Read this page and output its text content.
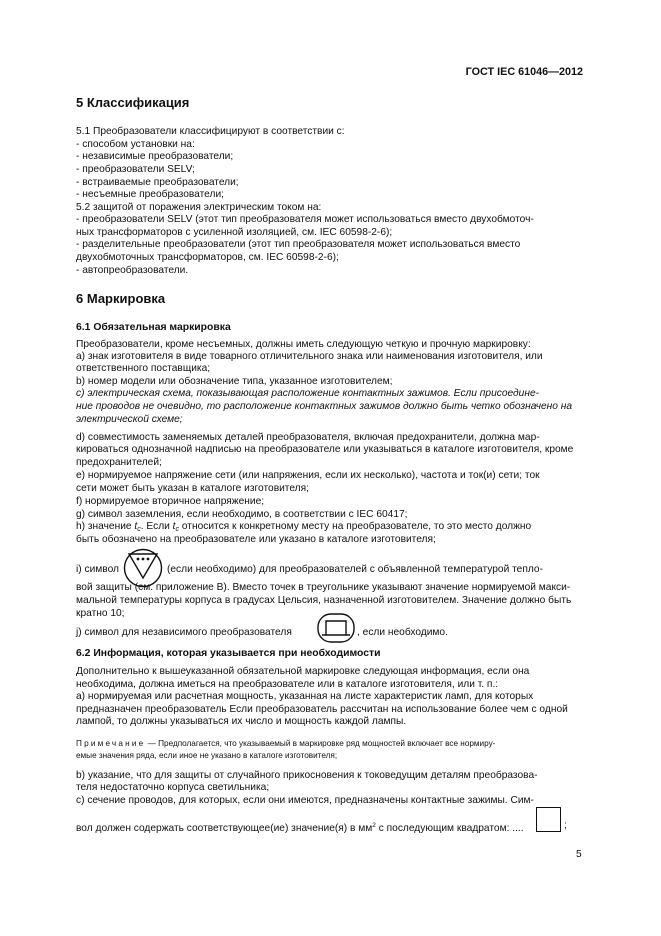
ГОСТ IEC 61046—2012
5 Классификация
5.1 Преобразователи классифицируют в соответствии с:
- способом установки на:
- независимые преобразователи;
- преобразователи SELV;
- встраиваемые преобразователи;
- несъемные преобразователи;
5.2 защитой от поражения электрическим током на:
- преобразователи SELV (этот тип преобразователя может использоваться вместо двухобмоточ-
ных трансформаторов с усиленной изоляцией, см. IEC 60598-2-6);
- разделительные преобразователи (этот тип преобразователя может использоваться вместо
двухобмоточных трансформаторов, см. IEC 60598-2-6);
- автопреобразователи.
6 Маркировка
6.1 Обязательная маркировка
Преобразователи, кроме несъемных, должны иметь следующую четкую и прочную маркировку:
a) знак изготовителя в виде товарного отличительного знака или наименования изготовителя, или
ответственного поставщика;
b) номер модели или обозначение типа, указанное изготовителем;
c) электрическая схема, показывающая расположение контактных зажимов. Если присоедине-
ние проводов не очевидно, то расположение контактных зажимов должно быть четко обозначено на
электрической схеме;
d) совместимость заменяемых деталей преобразователя, включая предохранители, должна мар-
кироваться однозначной надписью на преобразователе или указываться в каталоге изготовителя, кроме
предохранителей;
e) нормируемое напряжение сети (или напряжения, если их несколько), частота и ток(и) сети; ток
сети может быть указан в каталоге изготовителя;
f) нормируемое вторичное напряжение;
g) символ заземления, если необходимо, в соответствии с IEC 60417;
h) значение $t_c$. Если $t_c$ относится к конкретному месту на преобразователе, то это место должно
быть обозначено на преобразователе или указано в каталоге изготовителя;
i) символ	(если необходимо) для преобразователей с объявленной температурой тепло-
вой защиты (см. приложение В). Вместо точек в треугольнике указывают значение нормируемой макси-
мальной температуры корпуса в градусах Цельсия, назначенной изготовителем. Значение должно быть
кратно 10;
j) символ для независимого преобразователя	, если необходимо.
6.2 Информация, которая указывается при необходимости
Дополнительно к вышеуказанной обязательной маркировке следующая информация, если она
необходима, должна иметься на преобразователе или в каталоге изготовителя, или т. п.:
a) нормируемая или расчетная мощность, указанная на листе характеристик ламп, для которых
предназначен преобразователь Если преобразователь рассчитан на использование более чем с одной
лампой, то должны указываться их число и мощность каждой лампы.
Примечание — Предполагается, что указываемый в маркировке ряд мощностей включает все нормиру-
емые значения ряда, если иное не указано в каталоге изготовителя;
b) указание, что для защиты от случайного прикосновения к токоведущим деталям преобразова-
теля недостаточно корпуса светильника;
c) сечение проводов, для которых, если они имеются, предназначены контактные зажимы. Сим-
вол должен содержать соответствующее(ие) значение(я) в $мм^2$ с последующим квадратом: ....	;
5
